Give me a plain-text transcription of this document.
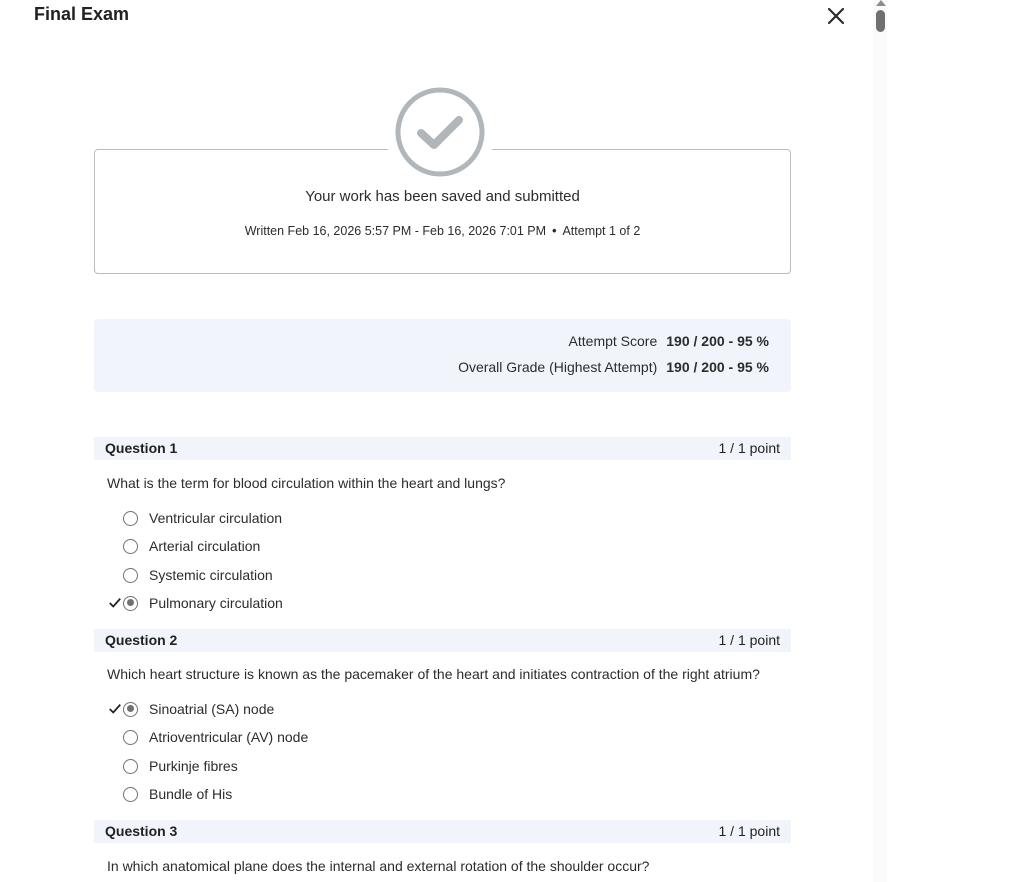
Final Exam
Your work has been saved and submitted
Written Feb 16, 2026 5:57 PM - Feb 16, 2026 7:01 PM • Attempt 1 of 2
Attempt Score 190 / 200 - 95 %
Overall Grade (Highest Attempt) 190 / 200 - 95 %
Question 1	1 / 1 point
What is the term for blood circulation within the heart and lungs?
Ventricular circulation
Arterial circulation
Systemic circulation
Pulmonary circulation
Question 2	1 / 1 point
Which heart structure is known as the pacemaker of the heart and initiates contraction of the right atrium?
Sinoatrial (SA) node
Atrioventricular (AV) node
Purkinje fibres
Bundle of His
Question 3	1 / 1 point
In which anatomical plane does the internal and external rotation of the shoulder occur?
